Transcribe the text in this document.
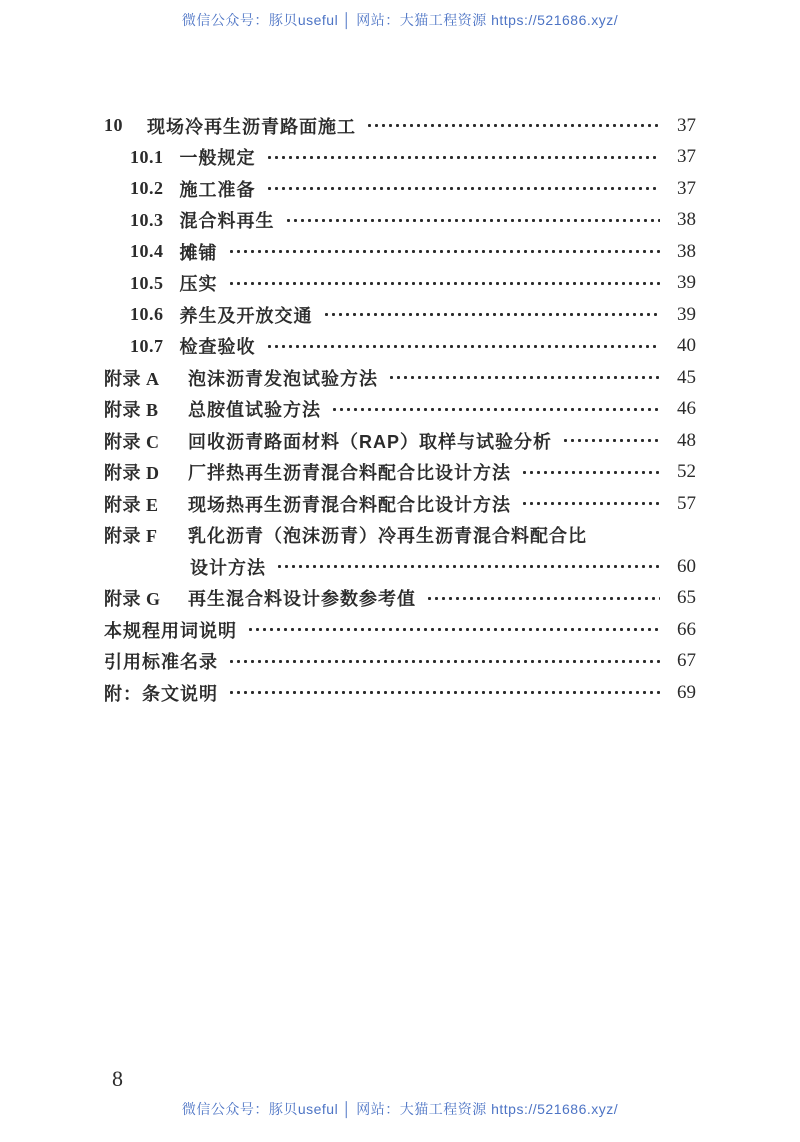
微信公众号：豚贝useful │ 网站：大猫工程资源 https://521686.xyz/
10 现场冷再生沥青路面施工	37
10.1 一般规定	37
10.2 施工准备	37
10.3 混合料再生	38
10.4 摊铺	38
10.5 压实	39
10.6 养生及开放交通	39
10.7 检查验收	40
附录 A	泡沫沥青发泡试验方法	45
附录 B	总胺值试验方法	46
附录 C	回收沥青路面材料（RAP）取样与试验分析	48
附录 D	厂拌热再生沥青混合料配合比设计方法	52
附录 E	现场热再生沥青混合料配合比设计方法	57
附录 F	乳化沥青（泡沫沥青）冷再生沥青混合料配合比
设计方法	60
附录 G	再生混合料设计参数参考值	65
本规程用词说明	66
引用标准名录	67
附：条文说明	69
8
微信公众号：豚贝useful │ 网站：大猫工程资源 https://521686.xyz/
